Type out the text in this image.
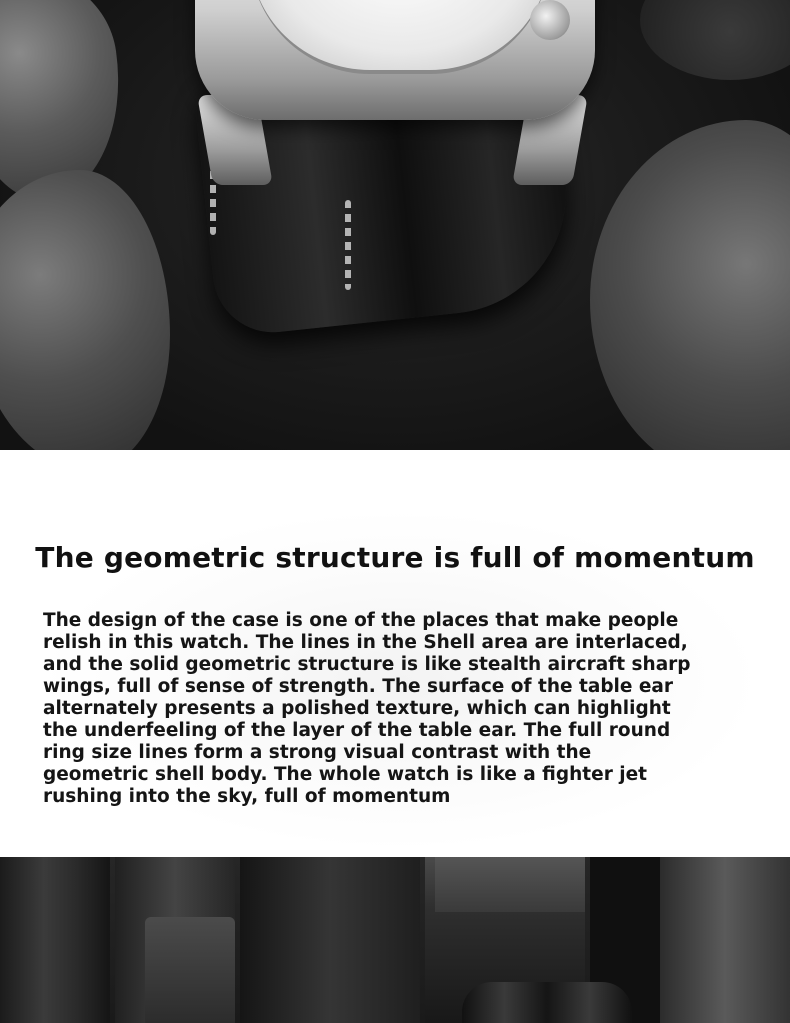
The geometric structure is full of momentum
The design of the case is one of the places that make people relish in this watch. The lines in the Shell area are interlaced, and the solid geometric structure is like stealth aircraft sharp wings, full of sense of strength. The surface of the table ear alternately presents a polished texture, which can highlight the underfeeling of the layer of the table ear. The full round ring size lines form a strong visual contrast with the geometric shell body. The whole watch is like a fighter jet rushing into the sky, full of momentum
